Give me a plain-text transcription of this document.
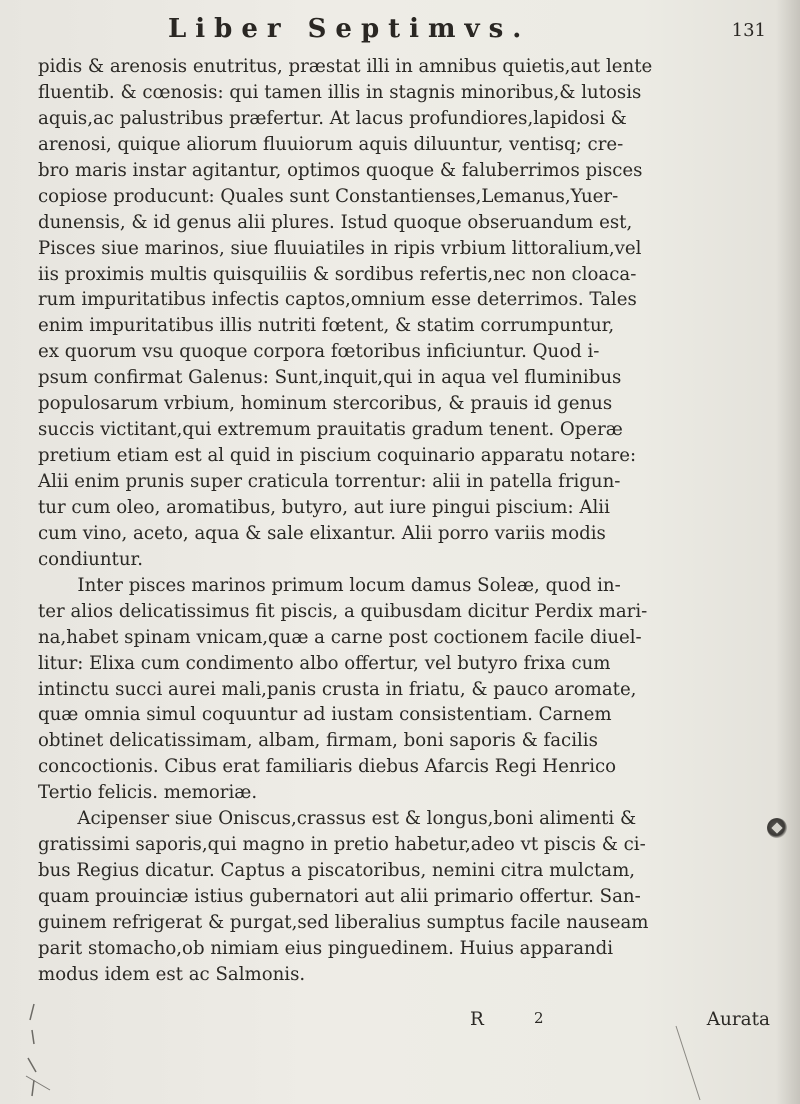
Liber Septimvs.	131
pidis & arenosis enutritus, præstat illi in amnibus quietis,aut lente
fluentib. & cœnosis: qui tamen illis in stagnis minoribus,& lutosis
aquis,ac palustribus præfertur. At lacus profundiores,lapidosi &
arenosi, quique aliorum fluuiorum aquis diluuntur, ventisq; cre-
bro maris instar agitantur, optimos quoque & faluberrimos pisces
copiose producunt: Quales sunt Constantienses,Lemanus,Yuer-
dunensis, & id genus alii plures. Istud quoque obseruandum est,
Pisces siue marinos, siue fluuiatiles in ripis vrbium littoralium,vel
iis proximis multis quisquiliis & sordibus refertis,nec non cloaca-
rum impuritatibus infectis captos,omnium esse deterrimos. Tales
enim impuritatibus illis nutriti fœtent, & statim corrumpuntur,
ex quorum vsu quoque corpora fœtoribus inficiuntur. Quod i-
psum confirmat Galenus: Sunt,inquit,qui in aqua vel fluminibus
populosarum vrbium, hominum stercoribus, & prauis id genus
succis victitant,qui extremum prauitatis gradum tenent. Operæ
pretium etiam est al quid in piscium coquinario apparatu notare:
Alii enim prunis super craticula torrentur: alii in patella frigun-
tur cum oleo, aromatibus, butyro, aut iure pingui piscium: Alii
cum vino, aceto, aqua & sale elixantur. Alii porro variis modis
condiuntur.
Inter pisces marinos primum locum damus Soleæ, quod in-
ter alios delicatissimus fit piscis, a quibusdam dicitur Perdix mari-
na,habet spinam vnicam,quæ a carne post coctionem facile diuel-
litur: Elixa cum condimento albo offertur, vel butyro frixa cum
intinctu succi aurei mali,panis crusta in friatu, & pauco aromate,
quæ omnia simul coquuntur ad iustam consistentiam. Carnem
obtinet delicatissimam, albam, firmam, boni saporis & facilis
concoctionis. Cibus erat familiaris diebus Afarcis Regi Henrico
Tertio felicis. memoriæ.
Acipenser siue Oniscus,crassus est & longus,boni alimenti &
gratissimi saporis,qui magno in pretio habetur,adeo vt piscis & ci-
bus Regius dicatur. Captus a piscatoribus, nemini citra mulctam,
quam prouinciæ istius gubernatori aut alii primario offertur. San-
guinem refrigerat & purgat,sed liberalius sumptus facile nauseam
parit stomacho,ob nimiam eius pinguedinem. Huius apparandi
modus idem est ac Salmonis.
R	2	Aurata
